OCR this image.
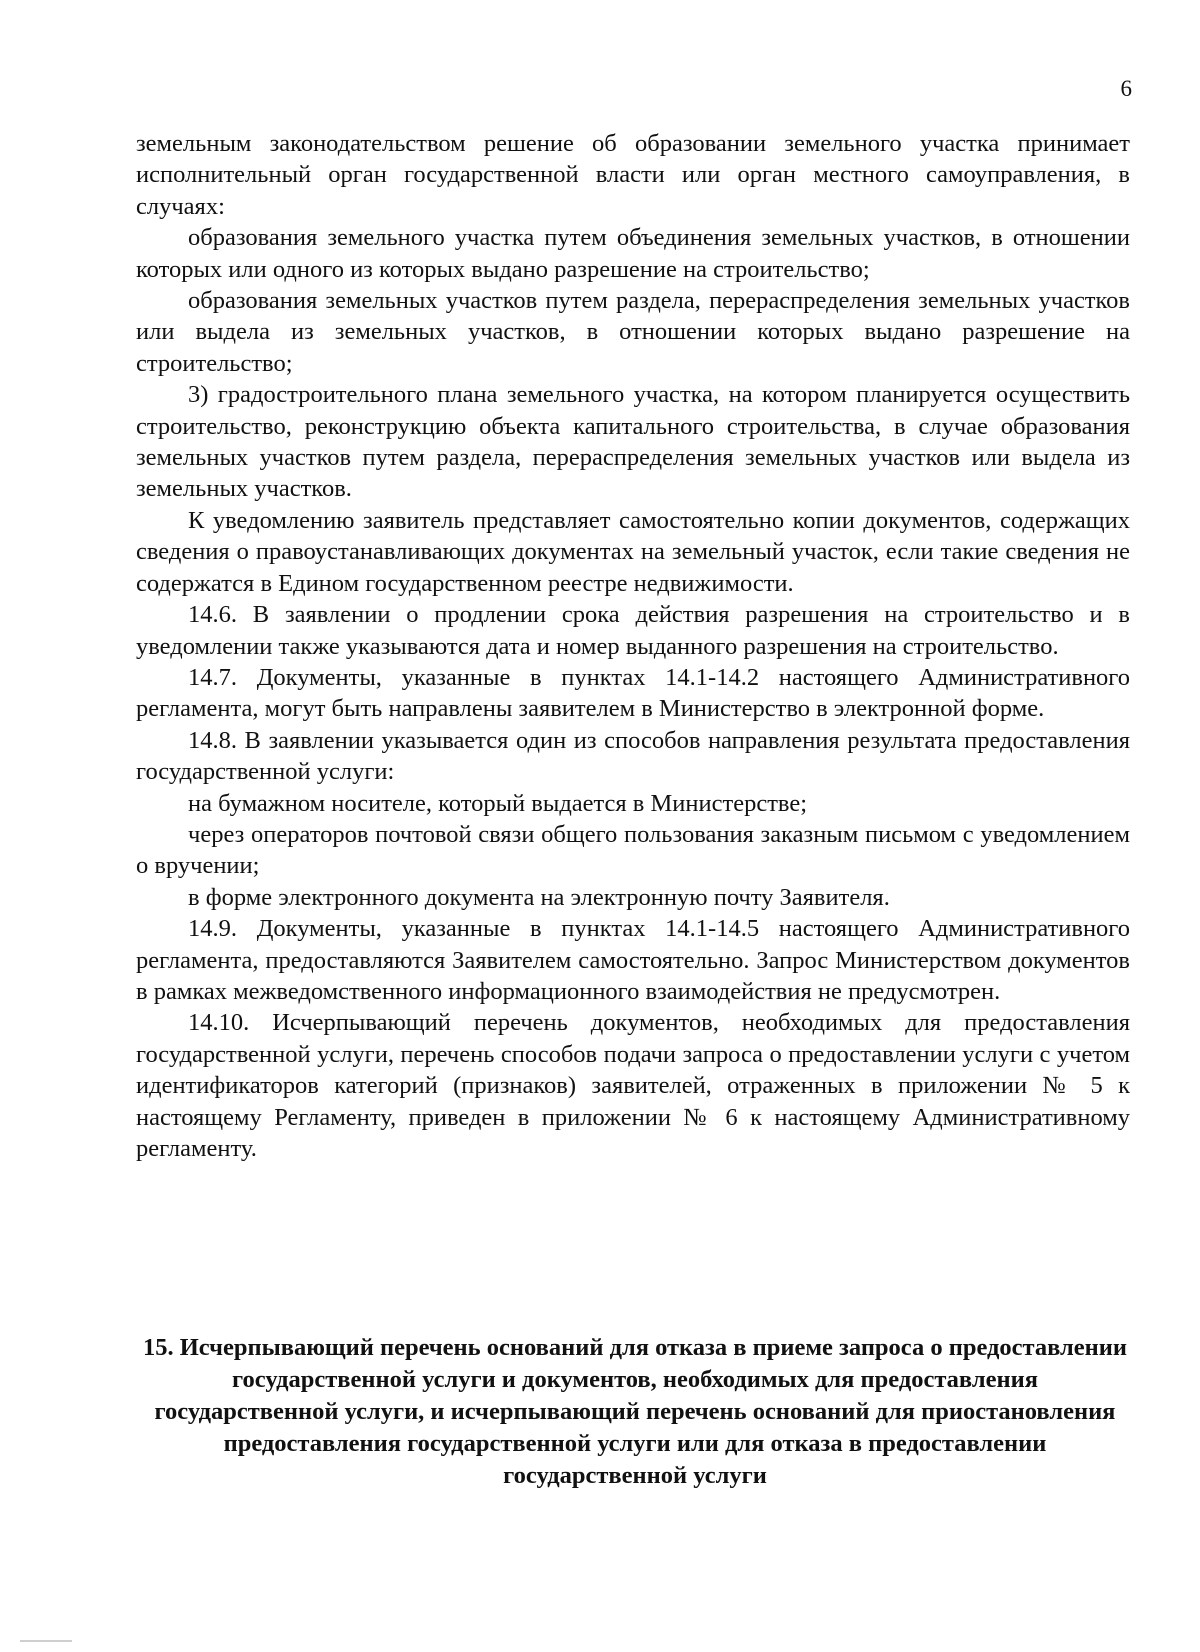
6

земельным законодательством решение об образовании земельного участка принимает исполнительный орган государственной власти или орган местного самоуправления, в случаях:

образования земельного участка путем объединения земельных участков, в отношении которых или одного из которых выдано разрешение на строительство;

образования земельных участков путем раздела, перераспределения земельных участков или выдела из земельных участков, в отношении которых выдано разрешение на строительство;

3) градостроительного плана земельного участка, на котором планируется осуществить строительство, реконструкцию объекта капитального строительства, в случае образования земельных участков путем раздела, перераспределения земельных участков или выдела из земельных участков.

К уведомлению заявитель представляет самостоятельно копии документов, содержащих сведения о правоустанавливающих документах на земельный участок, если такие сведения не содержатся в Едином государственном реестре недвижимости.

14.6. В заявлении о продлении срока действия разрешения на строительство и в уведомлении также указываются дата и номер выданного разрешения на строительство.

14.7. Документы, указанные в пунктах 14.1-14.2 настоящего Административного регламента, могут быть направлены заявителем в Министерство в электронной форме.

14.8. В заявлении указывается один из способов направления результата предоставления государственной услуги:

на бумажном носителе, который выдается в Министерстве;

через операторов почтовой связи общего пользования заказным письмом с уведомлением о вручении;

в форме электронного документа на электронную почту Заявителя.

14.9. Документы, указанные в пунктах 14.1-14.5 настоящего Административного регламента, предоставляются Заявителем самостоятельно. Запрос Министерством документов в рамках межведомственного информационного взаимодействия не предусмотрен.

14.10. Исчерпывающий перечень документов, необходимых для предоставления государственной услуги, перечень способов подачи запроса о предоставлении услуги с учетом идентификаторов категорий (признаков) заявителей, отраженных в приложении № 5 к настоящему Регламенту, приведен в приложении № 6 к настоящему Административному регламенту.

15. Исчерпывающий перечень оснований для отказа в приеме запроса о предоставлении государственной услуги и документов, необходимых для предоставления государственной услуги, и исчерпывающий перечень оснований для приостановления предоставления государственной услуги или для отказа в предоставлении государственной услуги
